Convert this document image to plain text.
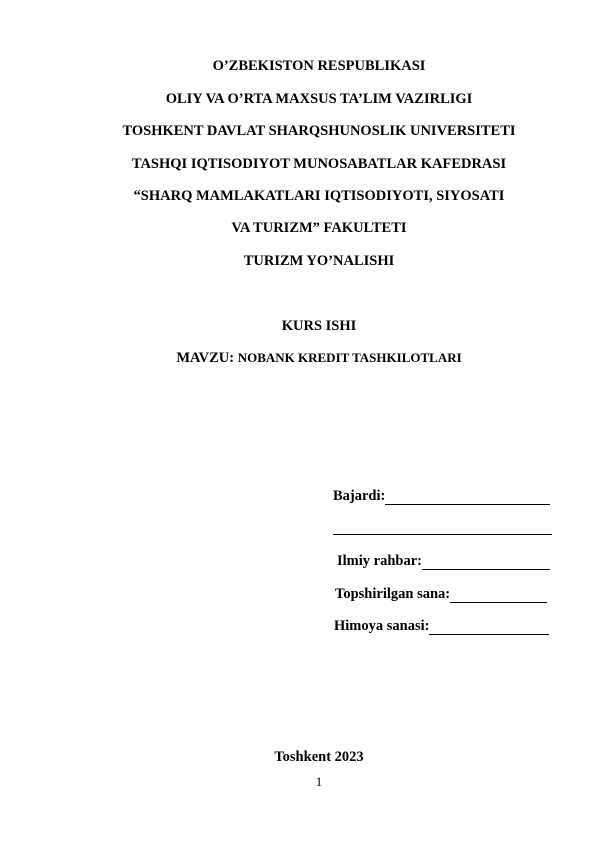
O’ZBEKISTON RESPUBLIKASI
OLIY VA O’RTA MAXSUS TA’LIM VAZIRLIGI
TOSHKENT DAVLAT SHARQSHUNOSLIK UNIVERSITETI
TASHQI IQTISODIYOT MUNOSABATLAR KAFEDRASI
“SHARQ MAMLAKATLARI IQTISODIYOTI, SIYOSATI
VA TURIZM” FAKULTETI
TURIZM YO’NALISHI
KURS ISHI
MAVZU: NOBANK KREDIT TASHKILOTLARI
Bajardi:
Ilmiy rahbar:
Topshirilgan sana:
Himoya sanasi:
Toshkent 2023
1
